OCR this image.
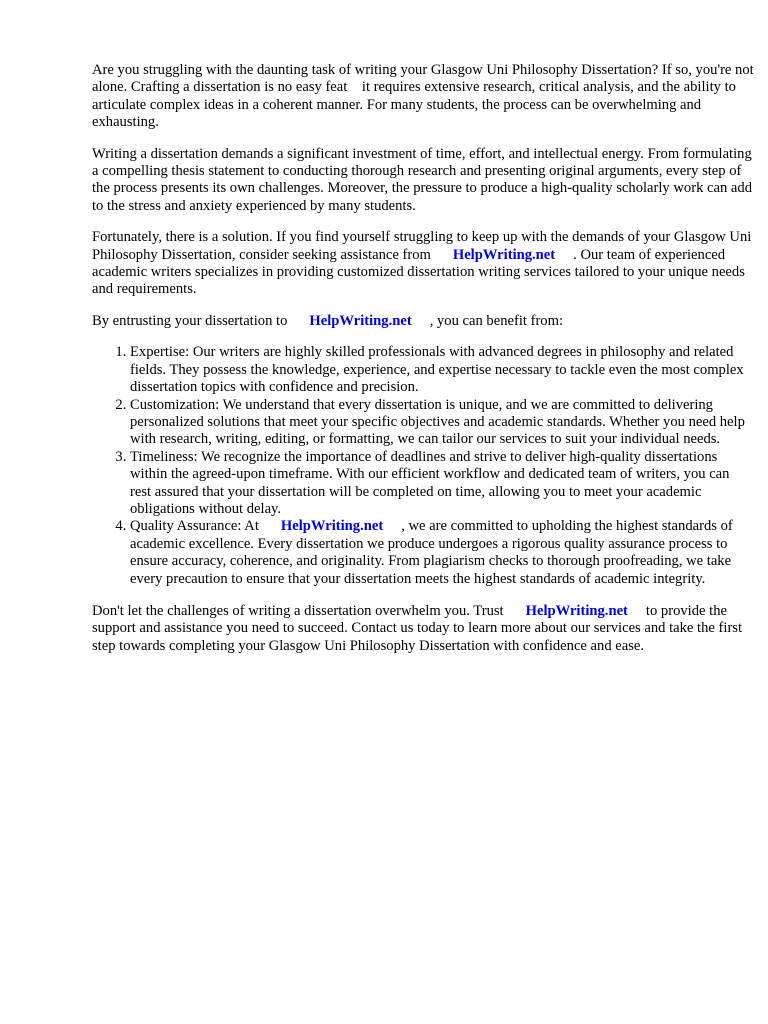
Are you struggling with the daunting task of writing your Glasgow Uni Philosophy Dissertation? If so, you're not alone. Crafting a dissertation is no easy feat    it requires extensive research, critical analysis, and the ability to articulate complex ideas in a coherent manner. For many students, the process can be overwhelming and exhausting.

Writing a dissertation demands a significant investment of time, effort, and intellectual energy. From formulating a compelling thesis statement to conducting thorough research and presenting original arguments, every step of the process presents its own challenges. Moreover, the pressure to produce a high-quality scholarly work can add to the stress and anxiety experienced by many students.

Fortunately, there is a solution. If you find yourself struggling to keep up with the demands of your Glasgow Uni Philosophy Dissertation, consider seeking assistance from HelpWriting.net . Our team of experienced academic writers specializes in providing customized dissertation writing services tailored to your unique needs and requirements.

By entrusting your dissertation to HelpWriting.net , you can benefit from:

1. Expertise: Our writers are highly skilled professionals with advanced degrees in philosophy and related fields. They possess the knowledge, experience, and expertise necessary to tackle even the most complex dissertation topics with confidence and precision.
2. Customization: We understand that every dissertation is unique, and we are committed to delivering personalized solutions that meet your specific objectives and academic standards. Whether you need help with research, writing, editing, or formatting, we can tailor our services to suit your individual needs.
3. Timeliness: We recognize the importance of deadlines and strive to deliver high-quality dissertations within the agreed-upon timeframe. With our efficient workflow and dedicated team of writers, you can rest assured that your dissertation will be completed on time, allowing you to meet your academic obligations without delay.
4. Quality Assurance: At HelpWriting.net , we are committed to upholding the highest standards of academic excellence. Every dissertation we produce undergoes a rigorous quality assurance process to ensure accuracy, coherence, and originality. From plagiarism checks to thorough proofreading, we take every precaution to ensure that your dissertation meets the highest standards of academic integrity.

Don't let the challenges of writing a dissertation overwhelm you. Trust HelpWriting.net to provide the support and assistance you need to succeed. Contact us today to learn more about our services and take the first step towards completing your Glasgow Uni Philosophy Dissertation with confidence and ease.
